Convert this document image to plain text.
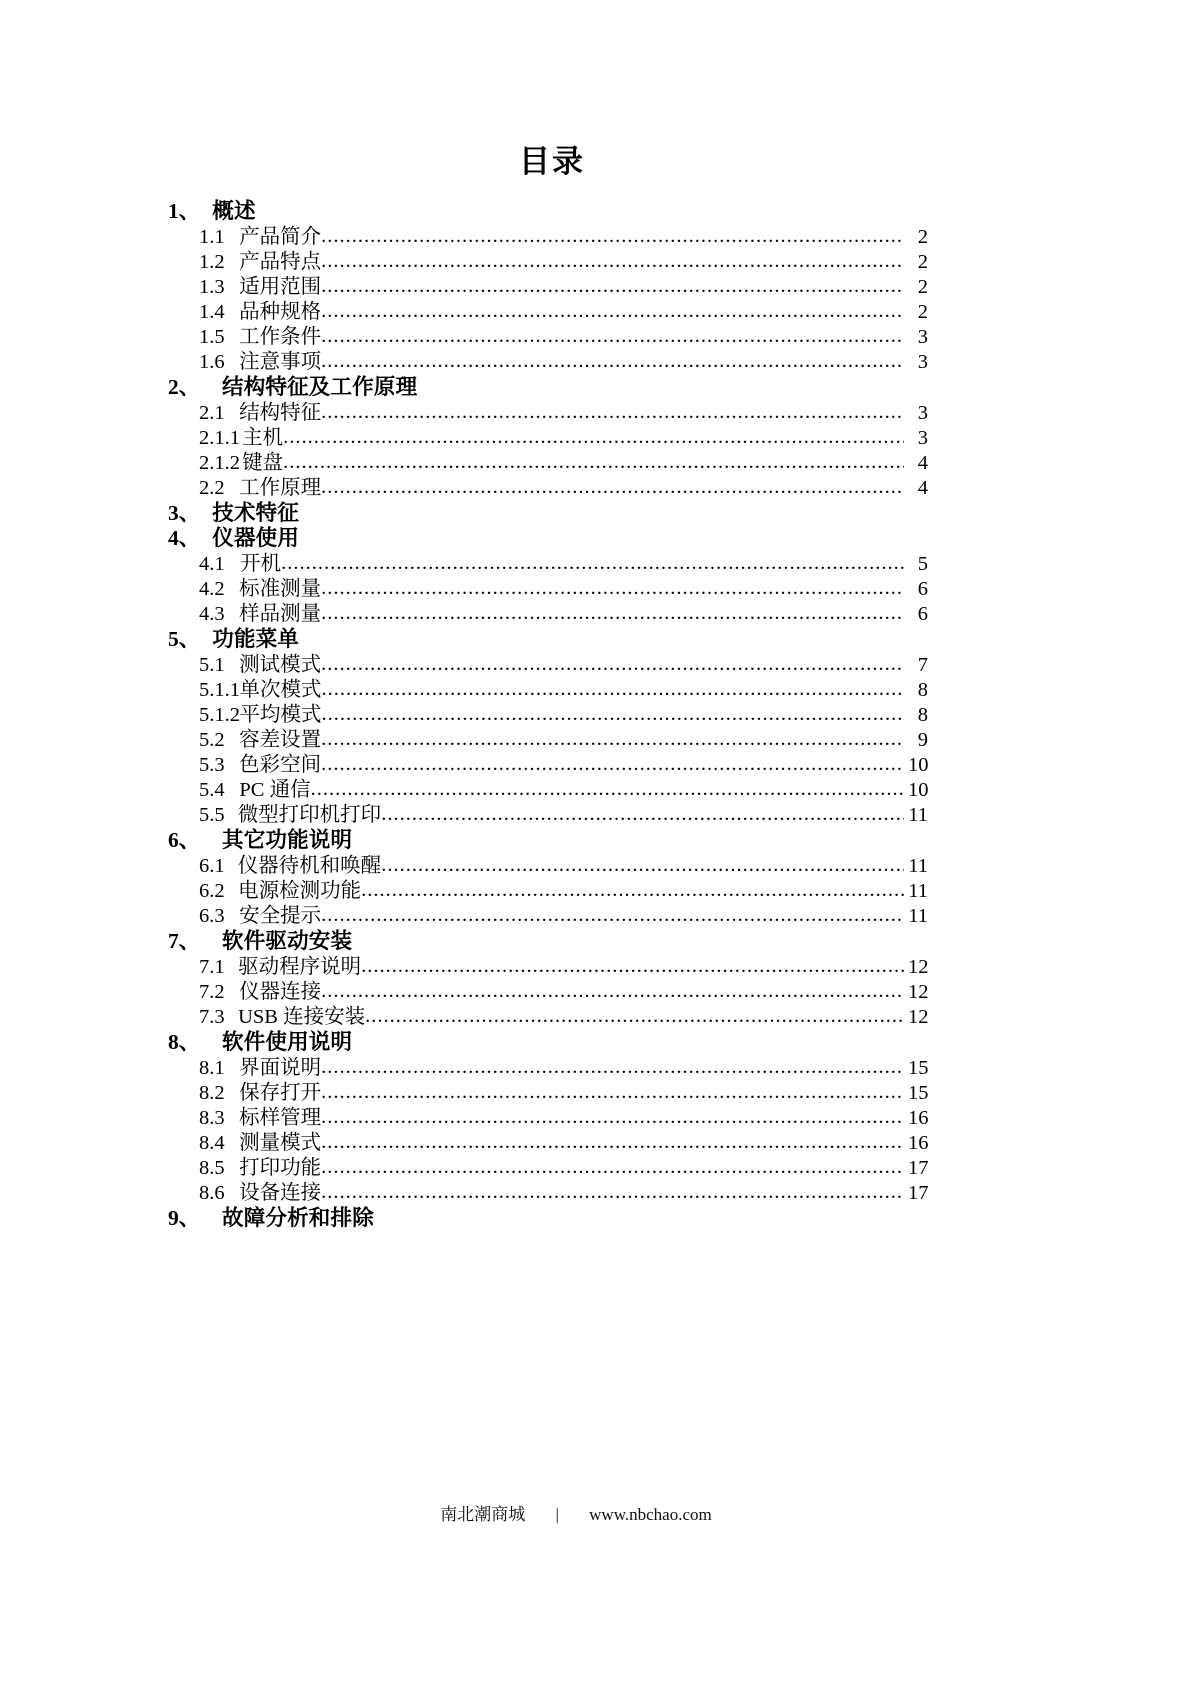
目录
1、 概述
1.1 产品简介 .....	2
1.2 产品特点 .....	2
1.3 适用范围 .....	2
1.4 品种规格 .....	2
1.5 工作条件 .....	3
1.6 注意事项 .....	3
2、	结构特征及工作原理
2.1 结构特征 .....	3
2.1.1 主机 .....	3
2.1.2 键盘 .....	4
2.2 工作原理 .....	4
3、 技术特征
4、 仪器使用
4.1 开机 .....	5
4.2 标准测量 .....	6
4.3 样品测量 .....	6
5、 功能菜单
5.1 测试模式 .....	7
5.1.1 单次模式 .....	8
5.1.2 平均模式 .....	8
5.2 容差设置 .....	9
5.3 色彩空间 .....	10
5.4 PC 通信 .....	10
5.5 微型打印机打印 .....	11
6、	其它功能说明
6.1 仪器待机和唤醒 .....	11
6.2 电源检测功能 .....	11
6.3 安全提示 .....	11
7、	软件驱动安装
7.1 驱动程序说明 .....	12
7.2 仪器连接 .....	12
7.3 USB 连接安装 .....	12
8、	软件使用说明
8.1 界面说明 .....	15
8.2 保存打开 .....	15
8.3 标样管理 .....	16
8.4 测量模式 .....	16
8.5 打印功能 .....	17
8.6 设备连接 .....	17
9、	故障分析和排除
南北潮商城 | www.nbchao.com
